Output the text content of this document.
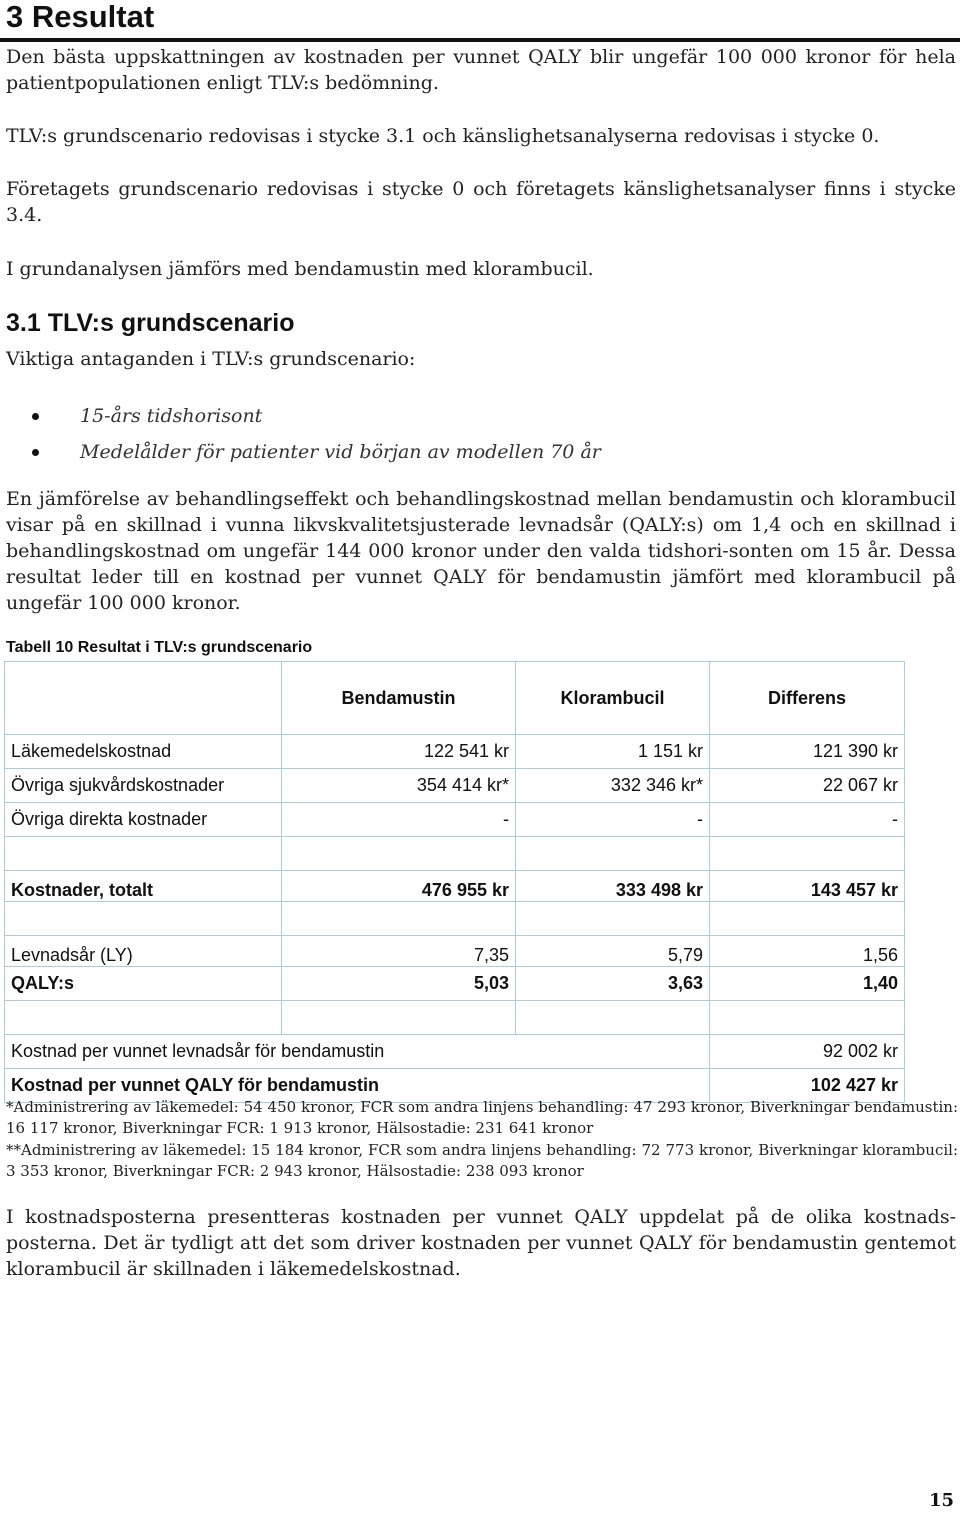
3 Resultat

Den bästa uppskattningen av kostnaden per vunnet QALY blir ungefär 100 000 kronor för hela patientpopulationen enligt TLV:s bedömning.

TLV:s grundscenario redovisas i stycke 3.1 och känslighetsanalyserna redovisas i stycke 0.

Företagets grundscenario redovisas i stycke 0 och företagets känslighetsanalyser finns i stycke 3.4.

I grundanalysen jämförs med bendamustin med klorambucil.

3.1 TLV:s grundscenario

Viktiga antaganden i TLV:s grundscenario:

15-års tidshorisont
Medelålder för patienter vid början av modellen 70 år

En jämförelse av behandlingseffekt och behandlingskostnad mellan bendamustin och klorambucil visar på en skillnad i vunna likvskvalitetsjusterade levnadsår (QALY:s) om 1,4 och en skillnad i behandlingskostnad om ungefär 144 000 kronor under den valda tidshori-sonten om 15 år. Dessa resultat leder till en kostnad per vunnet QALY för bendamustin jämfört med klorambucil på ungefär 100 000 kronor.

Tabell 10 Resultat i TLV:s grundscenario
	Bendamustin	Klorambucil	Differens
Läkemedelskostnad	122 541 kr	1 151 kr	121 390 kr
Övriga sjukvårdskostnader	354 414 kr*	332 346 kr*	22 067 kr
Övriga direkta kostnader	-	-	-

Kostnader, totalt	476 955 kr	333 498 kr	143 457 kr

Levnadsår (LY)	7,35	5,79	1,56
QALY:s	5,03	3,63	1,40

Kostnad per vunnet levnadsår för bendamustin			92 002 kr
Kostnad per vunnet QALY för bendamustin			102 427 kr

*Administrering av läkemedel: 54 450 kronor, FCR som andra linjens behandling: 47 293 kronor, Biverkningar bendamustin: 16 117 kronor, Biverkningar FCR: 1 913 kronor, Hälsostadie: 231 641 kronor

**Administrering av läkemedel: 15 184 kronor, FCR som andra linjens behandling: 72 773 kronor, Biverkningar klorambucil: 3 353 kronor, Biverkningar FCR: 2 943 kronor, Hälsostadie: 238 093 kronor

I kostnadsposterna presentteras kostnaden per vunnet QALY uppdelat på de olika kostnads-posterna. Det är tydligt att det som driver kostnaden per vunnet QALY för bendamustin gentemot klorambucil är skillnaden i läkemedelskostnad.

15
